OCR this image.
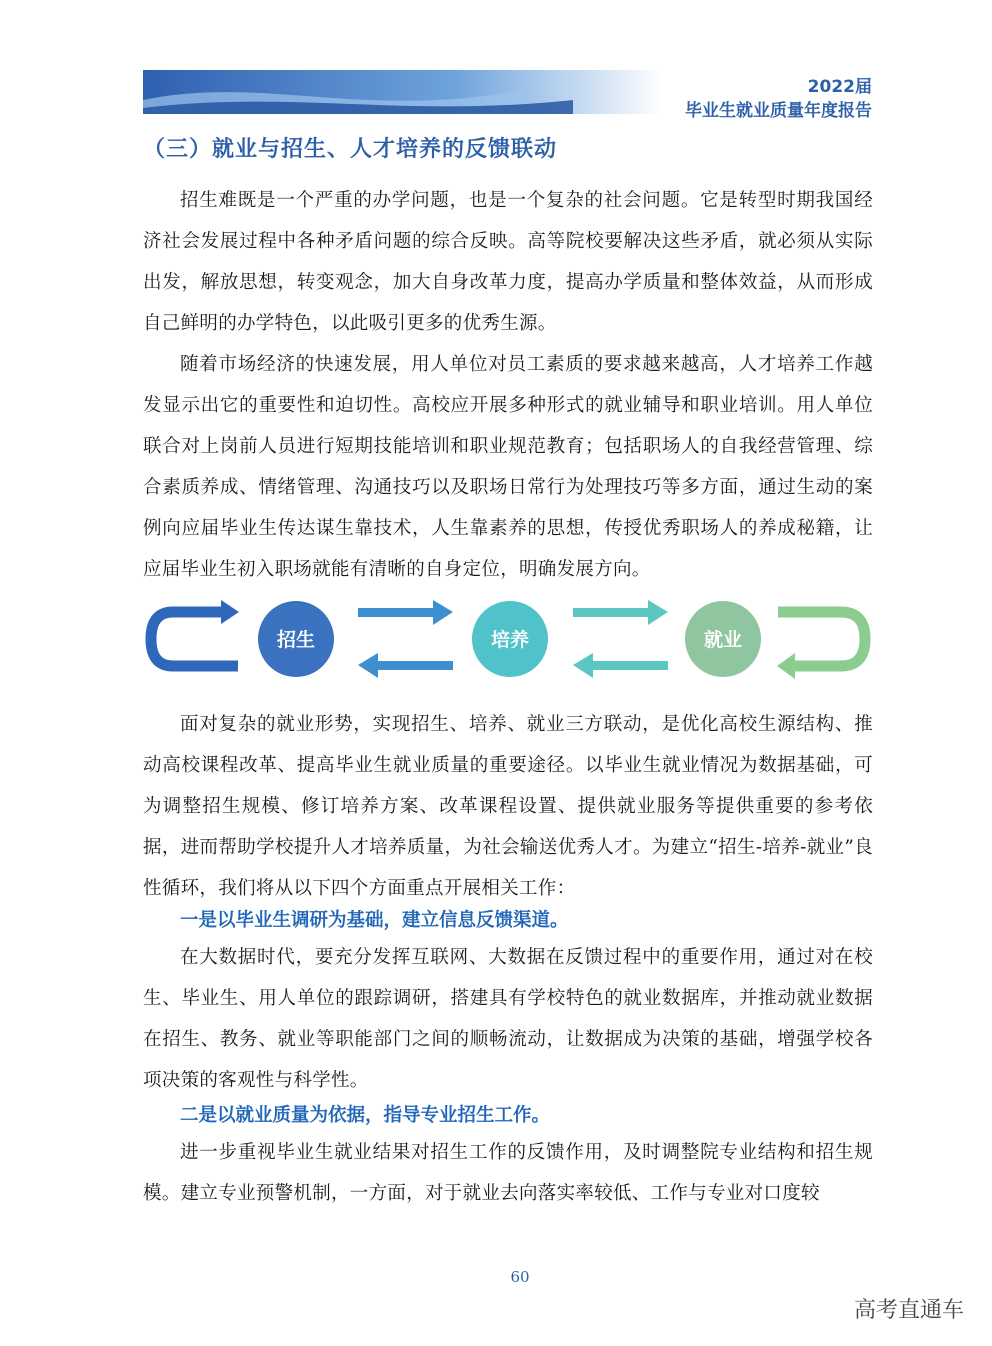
2022届
毕业生就业质量年度报告
（三）就业与招生、人才培养的反馈联动

招生难既是一个严重的办学问题，也是一个复杂的社会问题。它是转型时期我国经济社会发展过程中各种矛盾问题的综合反映。高等院校要解决这些矛盾，就必须从实际出发，解放思想，转变观念，加大自身改革力度，提高办学质量和整体效益，从而形成自己鲜明的办学特色，以此吸引更多的优秀生源。

随着市场经济的快速发展，用人单位对员工素质的要求越来越高，人才培养工作越发显示出它的重要性和迫切性。高校应开展多种形式的就业辅导和职业培训。用人单位联合对上岗前人员进行短期技能培训和职业规范教育；包括职场人的自我经营管理、综合素质养成、情绪管理、沟通技巧以及职场日常行为处理技巧等多方面，通过生动的案例向应届毕业生传达谋生靠技术，人生靠素养的思想，传授优秀职场人的养成秘籍，让应届毕业生初入职场就能有清晰的自身定位，明确发展方向。

招生	培养	就业

面对复杂的就业形势，实现招生、培养、就业三方联动，是优化高校生源结构、推动高校课程改革、提高毕业生就业质量的重要途径。以毕业生就业情况为数据基础，可为调整招生规模、修订培养方案、改革课程设置、提供就业服务等提供重要的参考依据，进而帮助学校提升人才培养质量，为社会输送优秀人才。为建立“招生-培养-就业”良性循环，我们将从以下四个方面重点开展相关工作：

一是以毕业生调研为基础，建立信息反馈渠道。

在大数据时代，要充分发挥互联网、大数据在反馈过程中的重要作用，通过对在校生、毕业生、用人单位的跟踪调研，搭建具有学校特色的就业数据库，并推动就业数据在招生、教务、就业等职能部门之间的顺畅流动，让数据成为决策的基础，增强学校各项决策的客观性与科学性。

二是以就业质量为依据，指导专业招生工作。

进一步重视毕业生就业结果对招生工作的反馈作用，及时调整院专业结构和招生规模。建立专业预警机制，一方面，对于就业去向落实率较低、工作与专业对口度较

60
高考直通车
